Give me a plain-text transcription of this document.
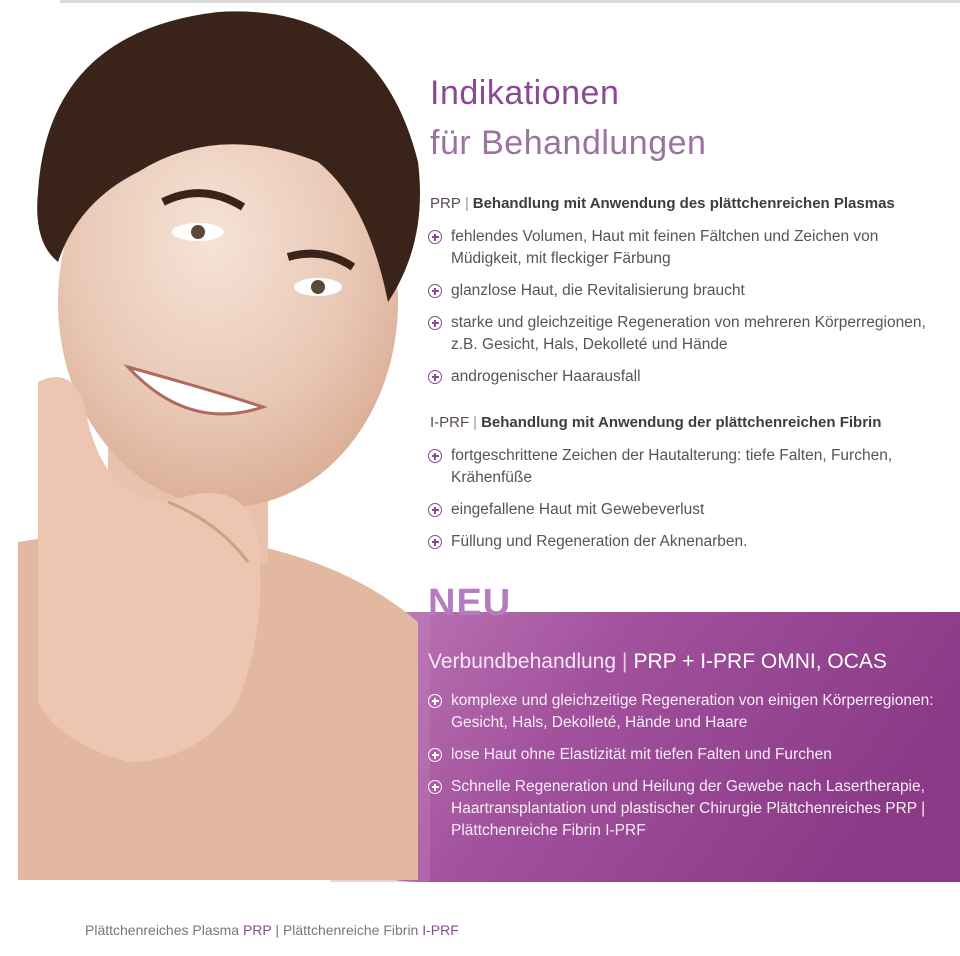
Indikationen
für Behandlungen
PRP | Behandlung mit Anwendung des plättchenreichen Plasmas
fehlendes Volumen, Haut mit feinen Fältchen und Zeichen von Müdigkeit, mit fleckiger Färbung
glanzlose Haut, die Revitalisierung braucht
starke und gleichzeitige Regeneration von mehreren Körperregionen, z.B. Gesicht, Hals, Dekolleté und Hände
androgenischer Haarausfall
I-PRF | Behandlung mit Anwendung der plättchenreichen Fibrin
fortgeschrittene Zeichen der Hautalterung: tiefe Falten, Furchen, Krähenfüße
eingefallene Haut mit Gewebeverlust
Füllung und Regeneration der Aknenarben.
NEU
Verbundbehandlung | PRP + I-PRF OMNI, OCAS
komplexe und gleichzeitige Regeneration von einigen Körperregionen: Gesicht, Hals, Dekolleté, Hände und Haare
lose Haut ohne Elastizität mit tiefen Falten und Furchen
Schnelle Regeneration und Heilung der Gewebe nach Lasertherapie, Haartransplantation und plastischer Chirurgie Plättchenreiches PRP | Plättchenreiche Fibrin I-PRF
Plättchenreiches Plasma PRP | Plättchenreiche Fibrin I-PRF
